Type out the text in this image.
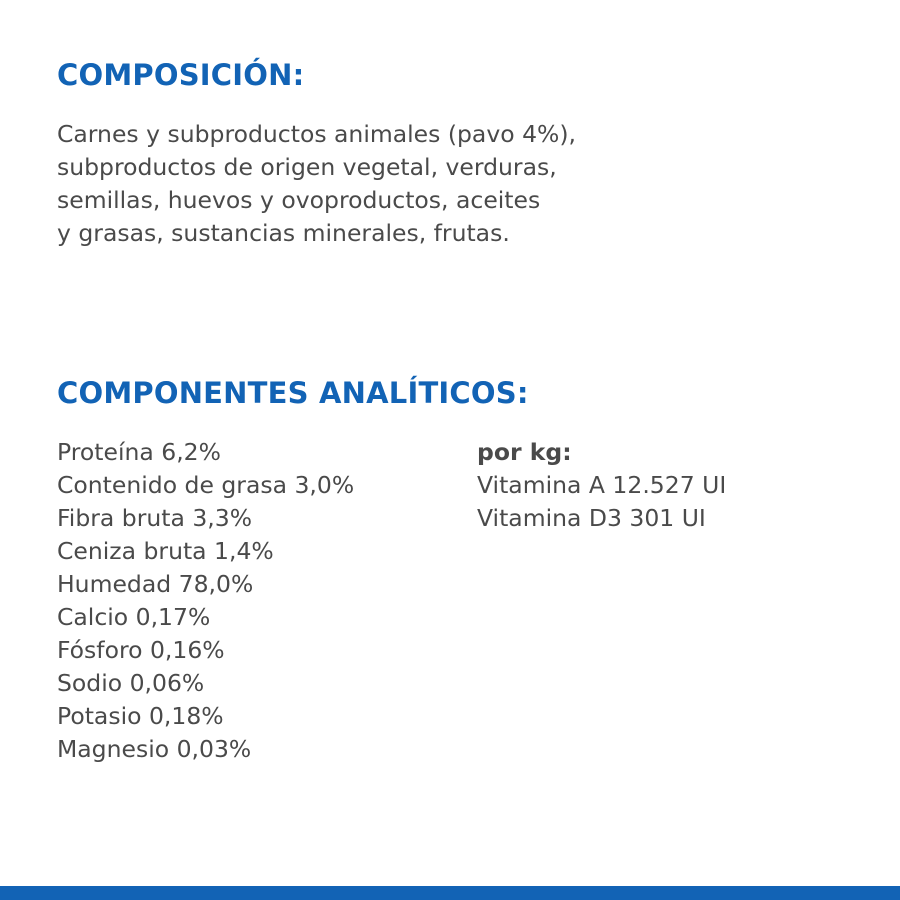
COMPOSICIÓN:

Carnes y subproductos animales (pavo 4%),
subproductos de origen vegetal, verduras,
semillas, huevos y ovoproductos, aceites
y grasas, sustancias minerales, frutas.

COMPONENTES ANALÍTICOS:
Proteína 6,2%
Contenido de grasa 3,0%
Fibra bruta 3,3%
Ceniza bruta 1,4%
Humedad 78,0%
Calcio 0,17%
Fósforo 0,16%
Sodio 0,06%
Potasio 0,18%
Magnesio 0,03%
por kg:
Vitamina A 12.527 UI
Vitamina D3 301 UI
